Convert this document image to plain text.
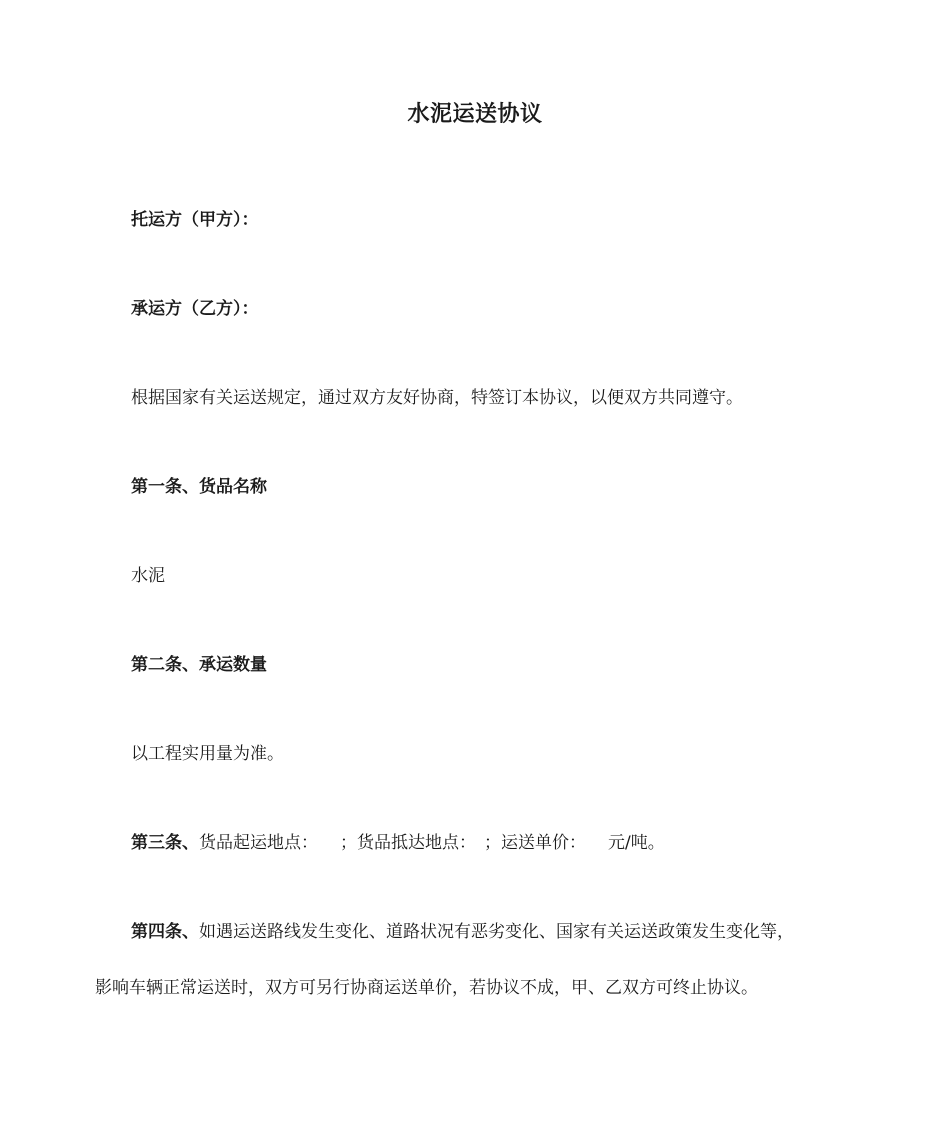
水泥运送协议
托运方（甲方）：
承运方（乙方）：
根据国家有关运送规定，通过双方友好协商，特签订本协议，以便双方共同遵守。
第一条、货品名称
水泥
第二条、承运数量
以工程实用量为准。
第三条、货品起运地点： ；货品抵达地点： ；运送单价： 元/吨。
第四条、如遇运送路线发生变化、道路状况有恶劣变化、国家有关运送政策发生变化等，
影响车辆正常运送时，双方可另行协商运送单价，若协议不成，甲、乙双方可终止协议。
